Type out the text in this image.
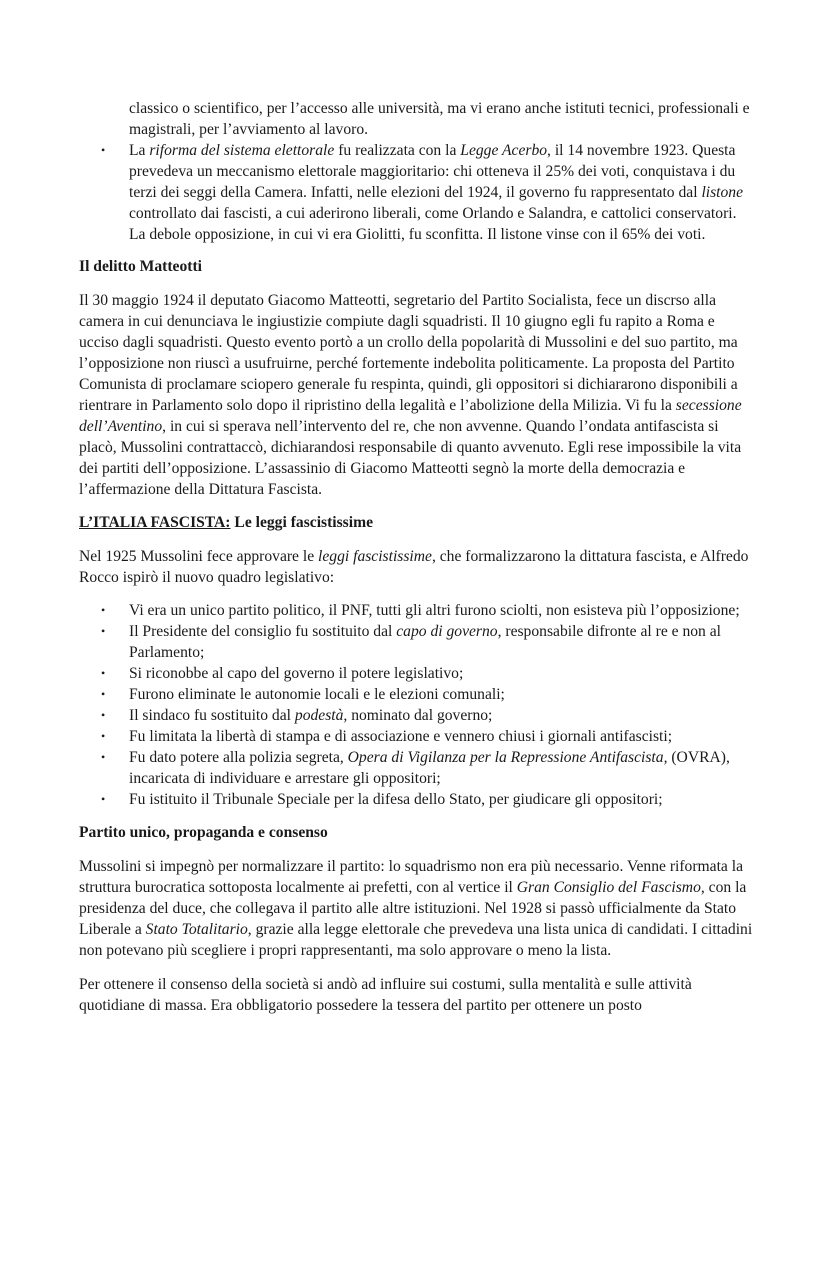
classico o scientifico, per l’accesso alle università, ma vi erano anche istituti tecnici, professionali e magistrali, per l’avviamento al lavoro.

• La riforma del sistema elettorale fu realizzata con la Legge Acerbo, il 14 novembre 1923. Questa prevedeva un meccanismo elettorale maggioritario: chi otteneva il 25% dei voti, conquistava i du terzi dei seggi della Camera. Infatti, nelle elezioni del 1924, il governo fu rappresentato dal listone controllato dai fascisti, a cui aderirono liberali, come Orlando e Salandra, e cattolici conservatori. La debole opposizione, in cui vi era Giolitti, fu sconfitta. Il listone vinse con il 65% dei voti.
Il delitto Matteotti

Il 30 maggio 1924 il deputato Giacomo Matteotti, segretario del Partito Socialista, fece un discrso alla camera in cui denunciava le ingiustizie compiute dagli squadristi. Il 10 giugno egli fu rapito a Roma e ucciso dagli squadristi. Questo evento portò a un crollo della popolarità di Mussolini e del suo partito, ma l’opposizione non riuscì a usufruirne, perché fortemente indebolita politicamente. La proposta del Partito Comunista di proclamare sciopero generale fu respinta, quindi, gli oppositori si dichiararono disponibili a rientrare in Parlamento solo dopo il ripristino della legalità e l’abolizione della Milizia. Vi fu la secessione dell’Aventino, in cui si sperava nell’intervento del re, che non avvenne. Quando l’ondata antifascista si placò, Mussolini contrattaccò, dichiarandosi responsabile di quanto avvenuto. Egli rese impossibile la vita dei partiti dell’opposizione. L’assassinio di Giacomo Matteotti segnò la morte della democrazia e l’affermazione della Dittatura Fascista.

L’ITALIA FASCISTA: Le leggi fascistissime

Nel 1925 Mussolini fece approvare le leggi fascistissime, che formalizzarono la dittatura fascista, e Alfredo Rocco ispirò il nuovo quadro legislativo:

• Vi era un unico partito politico, il PNF, tutti gli altri furono sciolti, non esisteva più l’opposizione;
• Il Presidente del consiglio fu sostituito dal capo di governo, responsabile difronte al re e non al Parlamento;
• Si riconobbe al capo del governo il potere legislativo;
• Furono eliminate le autonomie locali e le elezioni comunali;
• Il sindaco fu sostituito dal podestà, nominato dal governo;
• Fu limitata la libertà di stampa e di associazione e vennero chiusi i giornali antifascisti;
• Fu dato potere alla polizia segreta, Opera di Vigilanza per la Repressione Antifascista, (OVRA), incaricata di individuare e arrestare gli oppositori;
• Fu istituito il Tribunale Speciale per la difesa dello Stato, per giudicare gli oppositori;
Partito unico, propaganda e consenso

Mussolini si impegnò per normalizzare il partito: lo squadrismo non era più necessario. Venne riformata la struttura burocratica sottoposta localmente ai prefetti, con al vertice il Gran Consiglio del Fascismo, con la presidenza del duce, che collegava il partito alle altre istituzioni. Nel 1928 si passò ufficialmente da Stato Liberale a Stato Totalitario, grazie alla legge elettorale che prevedeva una lista unica di candidati. I cittadini non potevano più scegliere i propri rappresentanti, ma solo approvare o meno la lista.

Per ottenere il consenso della società si andò ad influire sui costumi, sulla mentalità e sulle attività quotidiane di massa. Era obbligatorio possedere la tessera del partito per ottenere un posto
